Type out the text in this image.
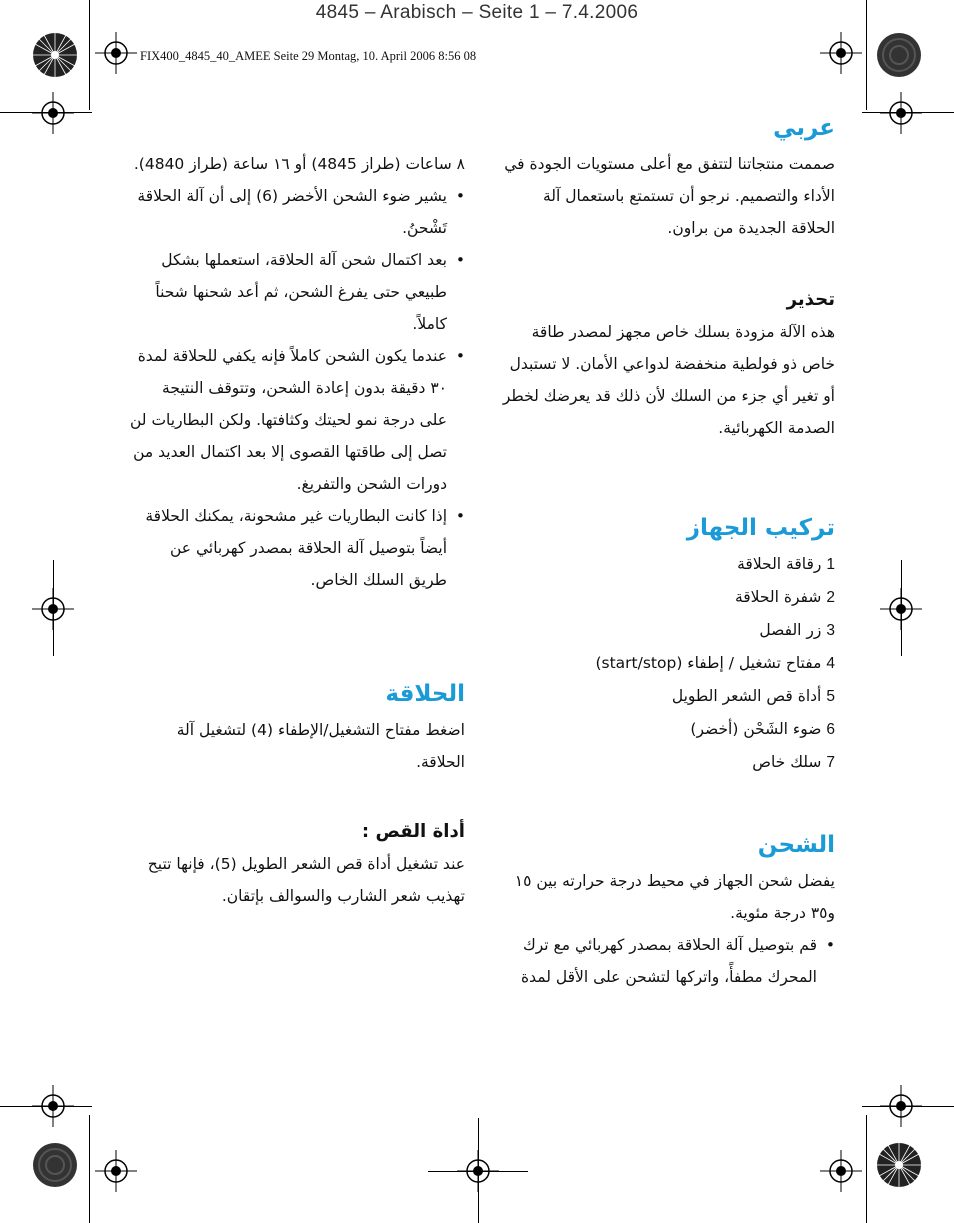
4845 – Arabisch – Seite 1 – 7.4.2006
FIX400_4845_40_AMEE Seite 29 Montag, 10. April 2006 8:56 08
عربي

صممت منتجاتنا لتتفق مع أعلى مستويات الجودة في الأداء والتصميم. نرجو أن تستمتع باستعمال آلة الحلاقة الجديدة من براون.

تحذير

هذه الآلة مزودة بسلك خاص مجهز لمصدر طاقة خاص ذو فولطية منخفضة لدواعي الأمان. لا تستبدل أو تغير أي جزء من السلك لأن ذلك قد يعرضك لخطر الصدمة الكهربائية.

تركيب الجهاز
1رقاقة الحلاقة
2شفرة الحلاقة
3زر الفصل
4مفتاح تشغيل / إطفاء (start/stop)
5أداة قص الشعر الطويل
6ضوء الشَحْن (أخضر)
7سلك خاص
الشحن

يفضل شحن الجهاز في محيط درجة حرارته بين ١٥ و٣٥ درجة مئوية.

• قم بتوصيل آلة الحلاقة بمصدر كهربائي مع ترك المحرك مطفأً، واتركها لتشحن على الأقل لمدة

٨ ساعات (طراز 4845) أو ١٦ ساعة (طراز 4840).

• يشير ضوء الشحن الأخضر (6) إلى أن آلة الحلاقة تَشْحنُ.
• بعد اكتمال شحن آلة الحلاقة، استعملها بشكل طبيعي حتى يفرغ الشحن، ثم أعد شحنها شحناً كاملاً.
• عندما يكون الشحن كاملاً فإنه يكفي للحلاقة لمدة ٣٠ دقيقة بدون إعادة الشحن، وتتوقف النتيجة على درجة نمو لحيتك وكثافتها. ولكن البطاريات لن تصل إلى طاقتها القصوى إلا بعد اكتمال العديد من دورات الشحن والتفريغ.
• إذا كانت البطاريات غير مشحونة، يمكنك الحلاقة أيضاً بتوصيل آلة الحلاقة بمصدر كهربائي عن طريق السلك الخاص.
الحلاقة

اضغط مفتاح التشغيل/الإطفاء (4) لتشغيل آلة الحلاقة.

أداة القص :

عند تشغيل أداة قص الشعر الطويل (5)، فإنها تتيح تهذيب شعر الشارب والسوالف بإتقان.
